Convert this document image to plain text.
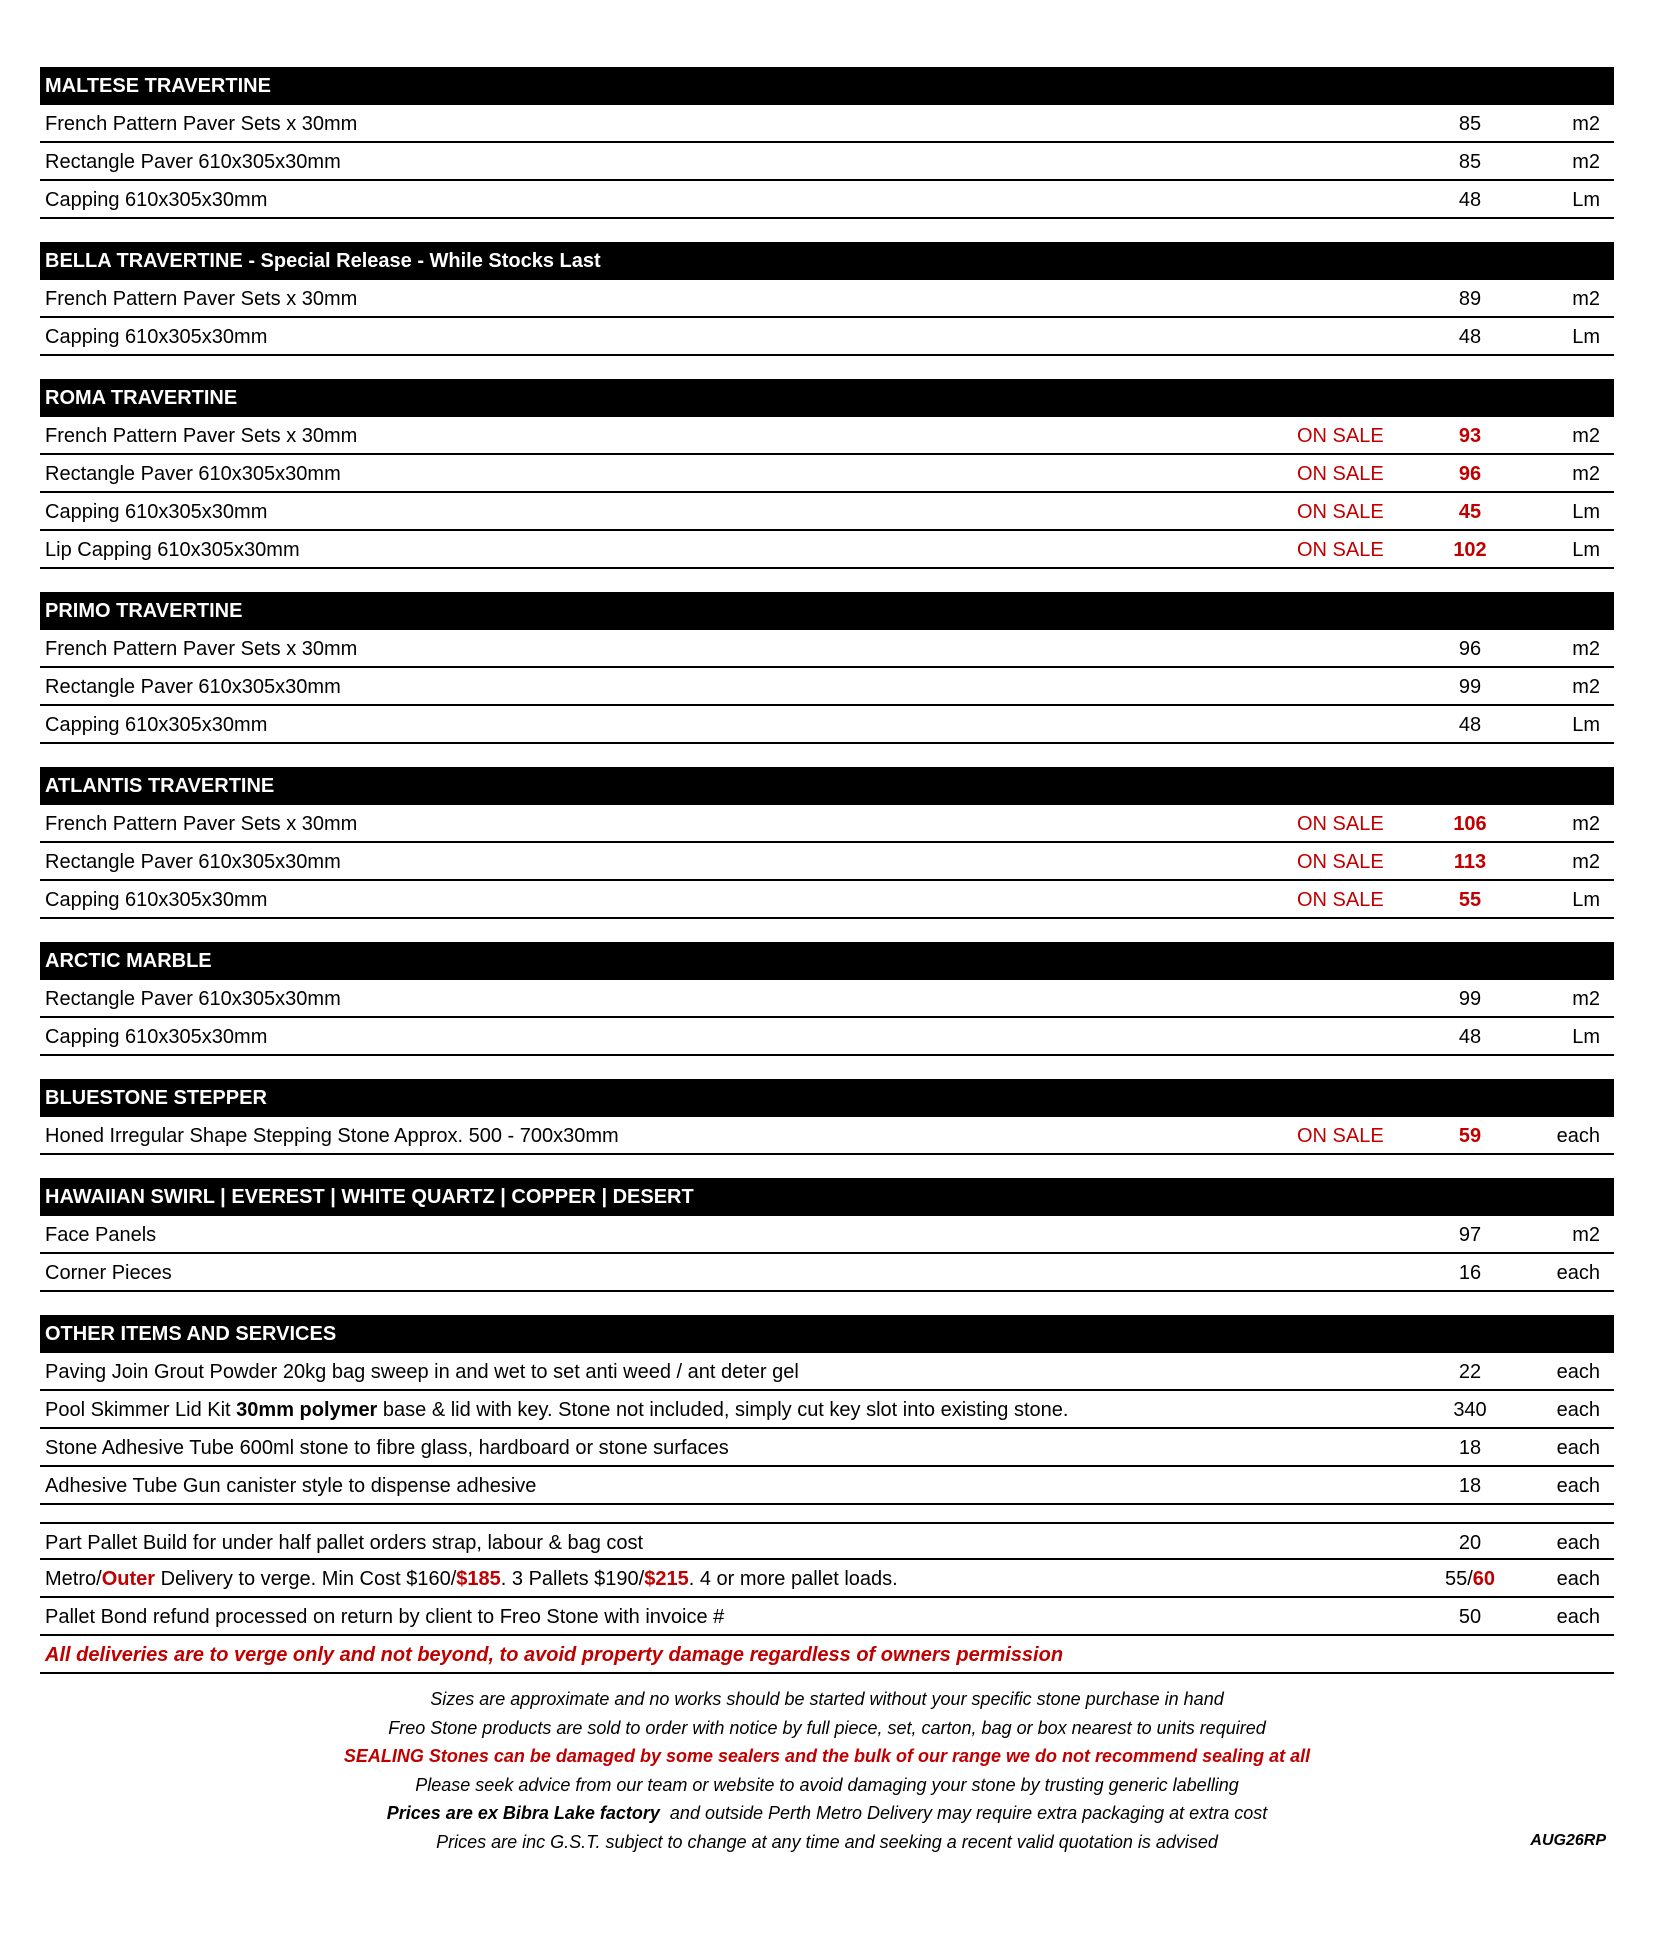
MALTESE TRAVERTINE
French Pattern Paver Sets x 30mm	85	m2
Rectangle Paver 610x305x30mm	85	m2
Capping 610x305x30mm	48	Lm
BELLA TRAVERTINE - Special Release - While Stocks Last
French Pattern Paver Sets x 30mm	89	m2
Capping 610x305x30mm	48	Lm
ROMA TRAVERTINE
French Pattern Paver Sets x 30mm	ON SALE	93	m2
Rectangle Paver 610x305x30mm	ON SALE	96	m2
Capping 610x305x30mm	ON SALE	45	Lm
Lip Capping 610x305x30mm	ON SALE	102	Lm
PRIMO TRAVERTINE
French Pattern Paver Sets x 30mm	96	m2
Rectangle Paver 610x305x30mm	99	m2
Capping 610x305x30mm	48	Lm
ATLANTIS TRAVERTINE
French Pattern Paver Sets x 30mm	ON SALE	106	m2
Rectangle Paver 610x305x30mm	ON SALE	113	m2
Capping 610x305x30mm	ON SALE	55	Lm
ARCTIC MARBLE
Rectangle Paver 610x305x30mm	99	m2
Capping 610x305x30mm	48	Lm
BLUESTONE STEPPER
Honed Irregular Shape Stepping Stone Approx. 500 - 700x30mm	ON SALE	59	each
HAWAIIAN SWIRL | EVEREST | WHITE QUARTZ | COPPER | DESERT
Face Panels	97	m2
Corner Pieces	16	each
OTHER ITEMS AND SERVICES
Paving Join Grout Powder 20kg bag sweep in and wet to set anti weed / ant deter gel	22	each
Pool Skimmer Lid Kit 30mm polymer base & lid with key. Stone not included, simply cut key slot into existing stone.	340	each
Stone Adhesive Tube 600ml stone to fibre glass, hardboard or stone surfaces	18	each
Adhesive Tube Gun canister style to dispense adhesive	18	each
Part Pallet Build for under half pallet orders strap, labour & bag cost	20	each
Metro/Outer Delivery to verge. Min Cost $160/$185. 3 Pallets $190/$215. 4 or more pallet loads.	55/60	each
Pallet Bond refund processed on return by client to Freo Stone with invoice #	50	each
All deliveries are to verge only and not beyond, to avoid property damage regardless of owners permission
Sizes are approximate and no works should be started without your specific stone purchase in hand
Freo Stone products are sold to order with notice by full piece, set, carton, bag or box nearest to units required
SEALING Stones can be damaged by some sealers and the bulk of our range we do not recommend sealing at all
Please seek advice from our team or website to avoid damaging your stone by trusting generic labelling
Prices are ex Bibra Lake factory  and outside Perth Metro Delivery may require extra packaging at extra cost
Prices are inc G.S.T. subject to change at any time and seeking a recent valid quotation is advised	AUG26RP
